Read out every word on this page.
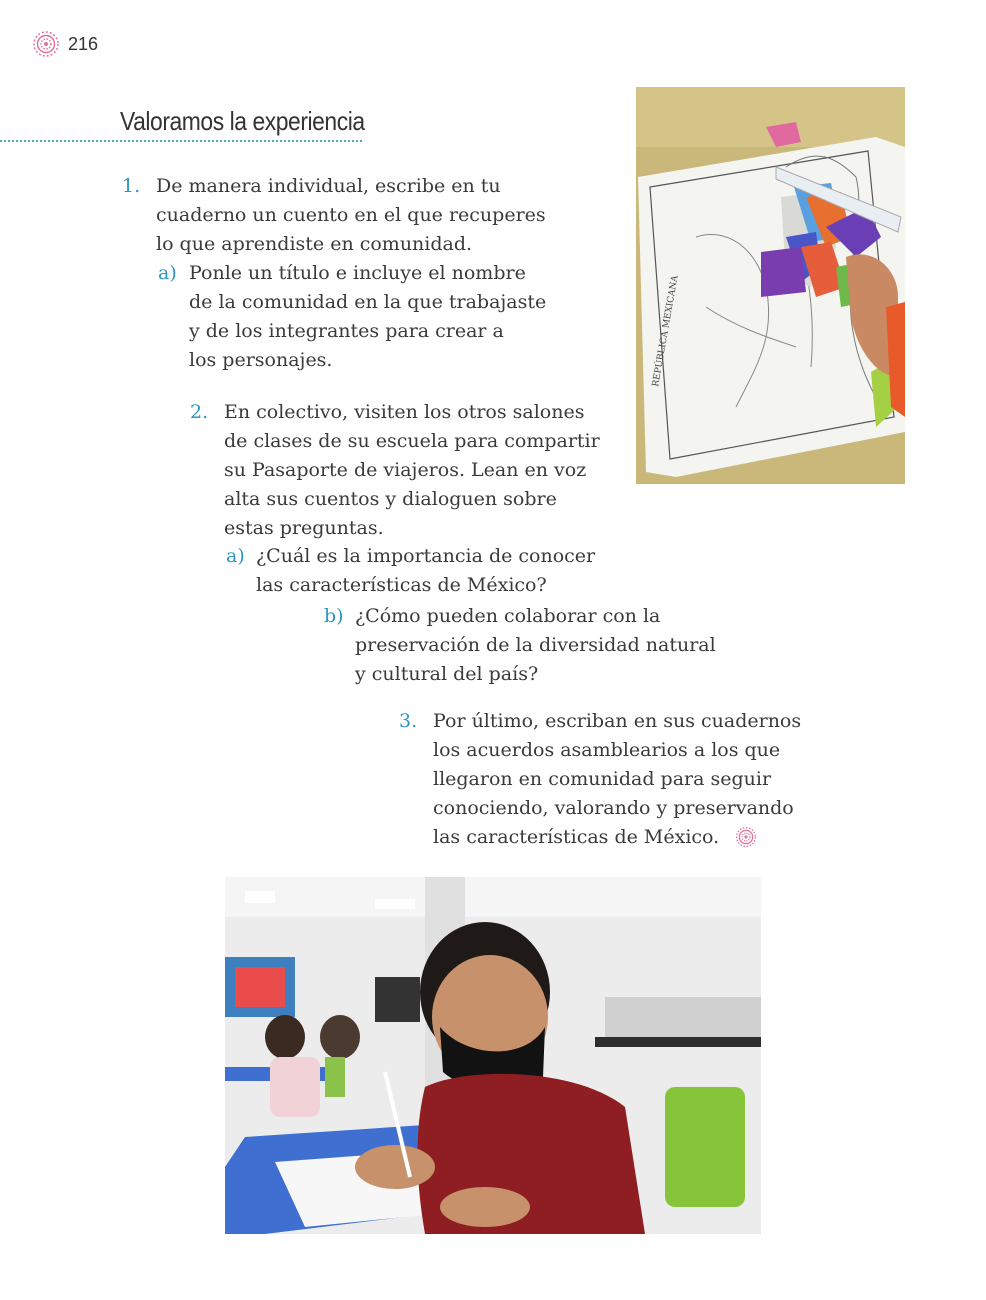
216
Valoramos la experiencia
1. De manera individual, escribe en tu
cuaderno un cuento en el que recuperes
lo que aprendiste en comunidad.
a) Ponle un título e incluye el nombre
de la comunidad en la que trabajaste
y de los integrantes para crear a
los personajes.
2. En colectivo, visiten los otros salones
de clases de su escuela para compartir
su Pasaporte de viajeros. Lean en voz
alta sus cuentos y dialoguen sobre
estas preguntas.
a) ¿Cuál es la importancia de conocer
las características de México?
b) ¿Cómo pueden colaborar con la
preservación de la diversidad natural
y cultural del país?
3. Por último, escriban en sus cuadernos
los acuerdos asamblearios a los que
llegaron en comunidad para seguir
conociendo, valorando y preservando
las características de México.
REPÚBLICA MEXICANA
